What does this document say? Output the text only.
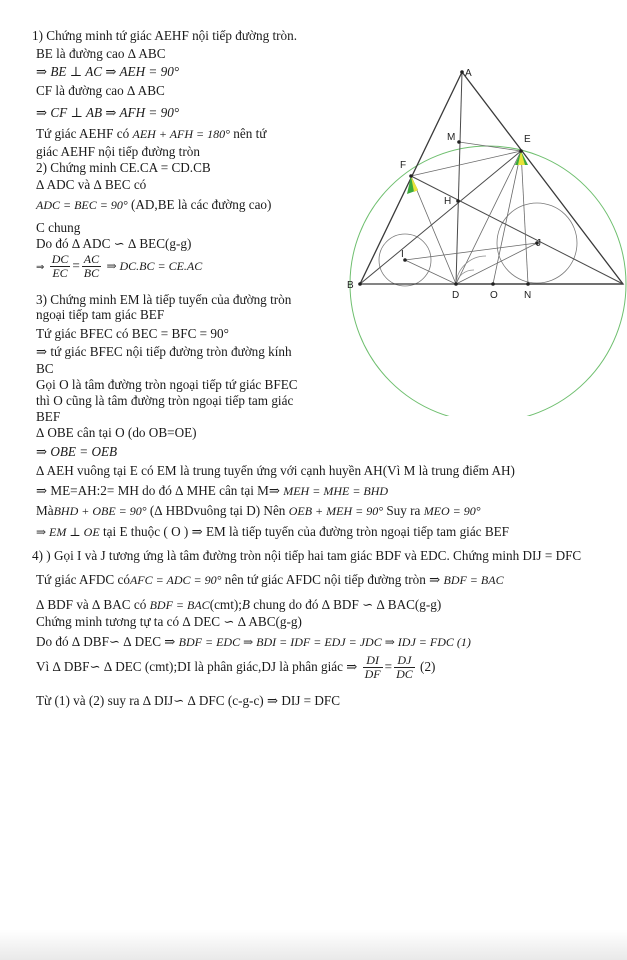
1) Chứng minh tứ giác AEHF nội tiếp đường tròn.
BE là đường cao ∆ ABC
⇒ BE ⊥ AC ⇒ AEH = 90°
CF là đường cao ∆ ABC
⇒ CF ⊥ AB ⇒ AFH = 90°
Tứ giác AEHF có AEH + AFH = 180° nên tứ
giác AEHF nội tiếp đường tròn
2) Chứng minh CE.CA = CD.CB
∆ ADC và ∆ BEC có
ADC = BEC = 90° (AD,BE là các đường cao)
C chung
Do đó ∆ ADC ∽ ∆ BEC(g-g)
⇒ $\frac{DC}{EC} = \frac{AC}{BC}$ ⇒ DC.BC = CE.AC
3) Chứng minh EM là tiếp tuyến của đường tròn
ngoại tiếp tam giác BEF
Tứ giác BFEC có BEC = BFC = 90°
⇒ tứ giác BFEC nội tiếp đường tròn đường kính
BC
Gọi O là tâm đường tròn ngoại tiếp tứ giác BFEC
thì O cũng là tâm đường tròn ngoại tiếp tam giác
BEF
∆ OBE cân tại O (do OB=OE)
⇒ OBE = OEB
∆ AEH vuông tại E có EM là trung tuyến ứng với cạnh huyền AH(Vì M là trung điểm AH)
⇒ ME=AH:2= MH do đó ∆ MHE cân tại M⇒ MEH = MHE = BHD
MàBHD + OBE = 90° (∆ HBDvuông tại D) Nên OEB + MEH = 90° Suy ra MEO = 90°
⇒ EM ⊥ OE tại E thuộc ( O ) ⇒ EM là tiếp tuyến của đường tròn ngoại tiếp tam giác BEF
4) ) Gọi I và J tương ứng là tâm đường tròn nội tiếp hai tam giác BDF và EDC. Chứng minh DIJ = DFC
Tứ giác AFDC cóAFC = ADC = 90° nên tứ giác AFDC nội tiếp đường tròn ⇒ BDF = BAC
∆ BDF và ∆ BAC có BDF = BAC(cmt);B chung do đó ∆ BDF ∽ ∆ BAC(g-g)
Chứng minh tương tự ta có ∆ DEC ∽ ∆ ABC(g-g)
Do đó ∆ DBF∽ ∆ DEC ⇒ BDF = EDC ⇒ BDI = IDF = EDJ = JDC ⇒ IDJ = FDC (1)
Vì ∆ DBF∽ ∆ DEC (cmt);DI là phân giác,DJ là phân giác ⇒ $\frac{DI}{DF} = \frac{DJ}{DC} (2)$
Từ (1) và (2) suy ra ∆ DIJ∽ ∆ DFC (c-g-c) ⇒ DIJ = DFC
A
M	E
F
H
I
J
B
D	O	N
